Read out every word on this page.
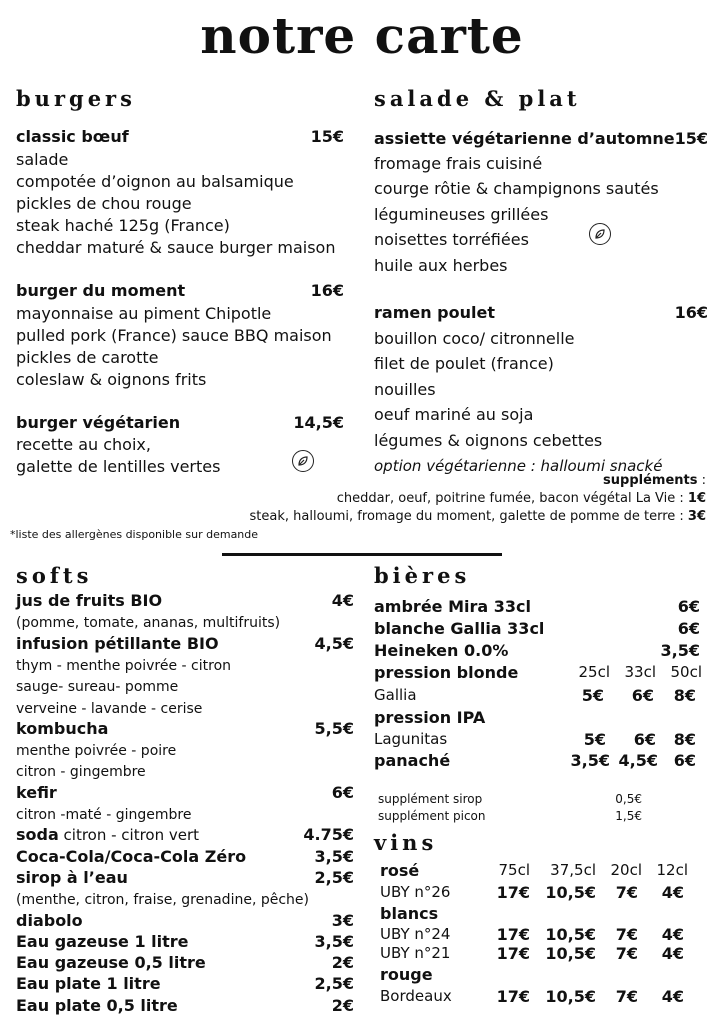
notre carte
burgers
classic bœuf	15€
salade
compotée d’oignon au balsamique
pickles de chou rouge
steak haché 125g (France)
cheddar maturé & sauce burger maison
burger du moment	16€
mayonnaise au piment Chipotle
pulled pork (France) sauce BBQ maison
pickles de carotte
coleslaw & oignons frits
burger végétarien	14,5€
recette au choix,
galette de lentilles vertes
salade & plat
assiette végétarienne d’automne 15€
fromage frais cuisiné
courge rôtie & champignons sautés
légumineuses grillées
noisettes torréfiées
huile aux herbes
ramen poulet	16€
bouillon coco/ citronnelle
filet de poulet (france)
nouilles
oeuf mariné au soja
légumes & oignons cebettes
option végétarienne : halloumi snacké
suppléments :
cheddar, oeuf, poitrine fumée, bacon végétal La Vie : 1€
steak, halloumi, fromage du moment, galette de pomme de terre : 3€
*liste des allergènes disponible sur demande
softs
jus de fruits BIO	4€
(pomme, tomate, ananas, multifruits)
infusion pétillante BIO	4,5€
thym - menthe poivrée - citron
sauge- sureau- pomme
verveine - lavande - cerise
kombucha	5,5€
menthe poivrée - poire
citron - gingembre
kefir	6€
citron -maté - gingembre
soda citron - citron vert	4.75€
Coca-Cola/Coca-Cola Zéro	3,5€
sirop à l’eau	2,5€
(menthe, citron, fraise, grenadine, pêche)
diabolo	3€
Eau gazeuse 1 litre	3,5€
Eau gazeuse 0,5 litre	2€
Eau plate 1 litre	2,5€
Eau plate 0,5 litre	2€
bières
ambrée Mira 33cl	6€
blanche Gallia 33cl	6€
Heineken 0.0%	3,5€
pression blonde	25cl 33cl 50cl
Gallia	5€	6€	8€
pression IPA
Lagunitas	5€	6€	8€
panaché	3,5€ 4,5€ 6€
supplément sirop	0,5€
supplément picon	1,5€
vins
rosé	75cl	37,5cl 20cl 12cl
UBY n°26	17€ 10,5€	7€	4€
blancs
UBY n°24	17€ 10,5€	7€	4€
UBY n°21	17€ 10,5€	7€	4€
rouge
Bordeaux	17€ 10,5€	7€	4€
